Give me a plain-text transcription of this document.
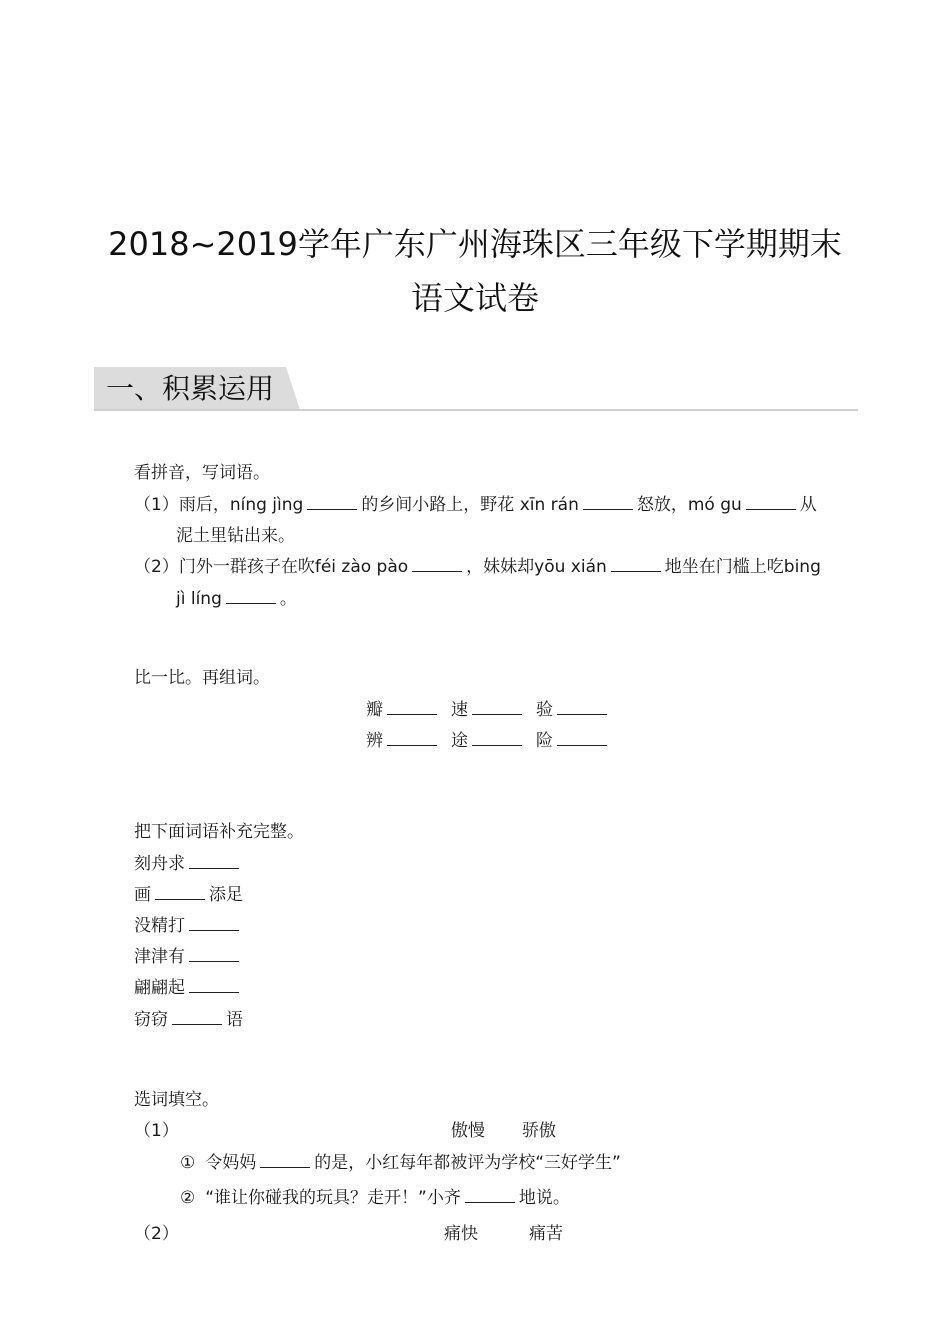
2018~2019学年广东广州海珠区三年级下学期期末
语文试卷
一、积累运用
看拼音，写词语。
（1）雨后，níng jìng	的乡间小路上，野花 xīn rán	怒放，mó gu	从
泥土里钻出来。
（2）门外一群孩子在吹féi zào pào	，妹妹却yōu xián	地坐在门槛上吃bing
jì líng	。
比一比。再组词。
瓣	速	验
辨	途	险
把下面词语补充完整。
刻舟求
画	添足
没精打
津津有
翩翩起
窃窃	语
选词填空。
（1）	傲慢 骄傲
① 令妈妈	的是，小红每年都被评为学校“三好学生”
② “谁让你碰我的玩具？走开！”小齐	地说。
（2）	痛快	痛苦
